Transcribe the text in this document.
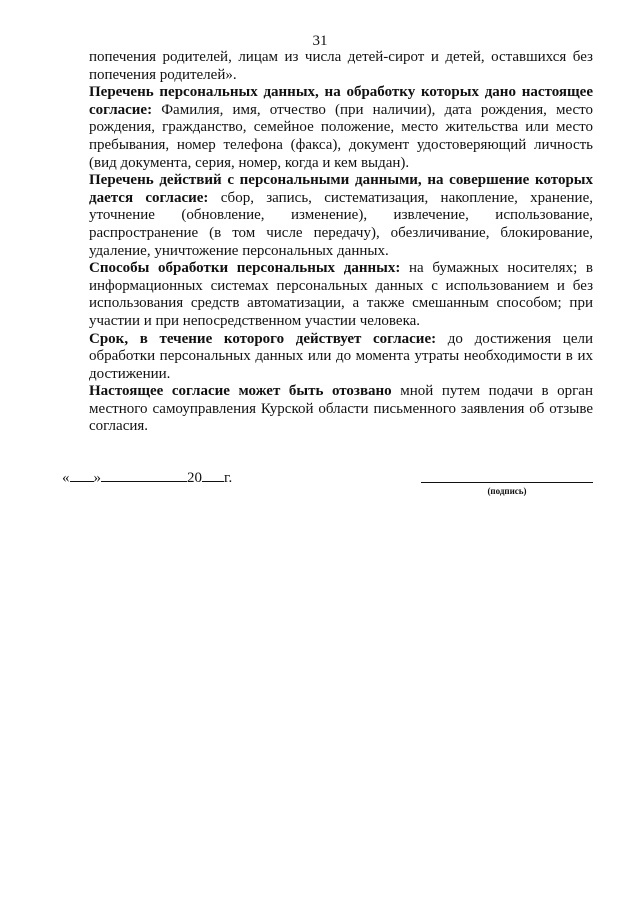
31

попечения родителей, лицам из числа детей-сирот и детей, оставшихся без попечения родителей».

Перечень персональных данных, на обработку которых дано настоящее согласие: Фамилия, имя, отчество (при наличии), дата рождения, место рождения, гражданство, семейное положение, место жительства или место пребывания, номер телефона (факса), документ удостоверяющий личность (вид документа, серия, номер, когда и кем выдан).

Перечень действий с персональными данными, на совершение которых дается согласие: сбор, запись, систематизация, накопление, хранение, уточнение (обновление, изменение), извлечение, использование, распространение (в том числе передачу), обезличивание, блокирование, удаление, уничтожение персональных данных.

Способы обработки персональных данных: на бумажных носителях; в информационных системах персональных данных с использованием и без использования средств автоматизации, а также смешанным способом; при участии и при непосредственном участии человека.

Срок, в течение которого действует согласие: до достижения цели обработки персональных данных или до момента утраты необходимости в их достижении.

Настоящее согласие может быть отозвано мной путем подачи в орган местного самоуправления Курской области письменного заявления об отзыве согласия.

« »	20 г.
(подпись)
